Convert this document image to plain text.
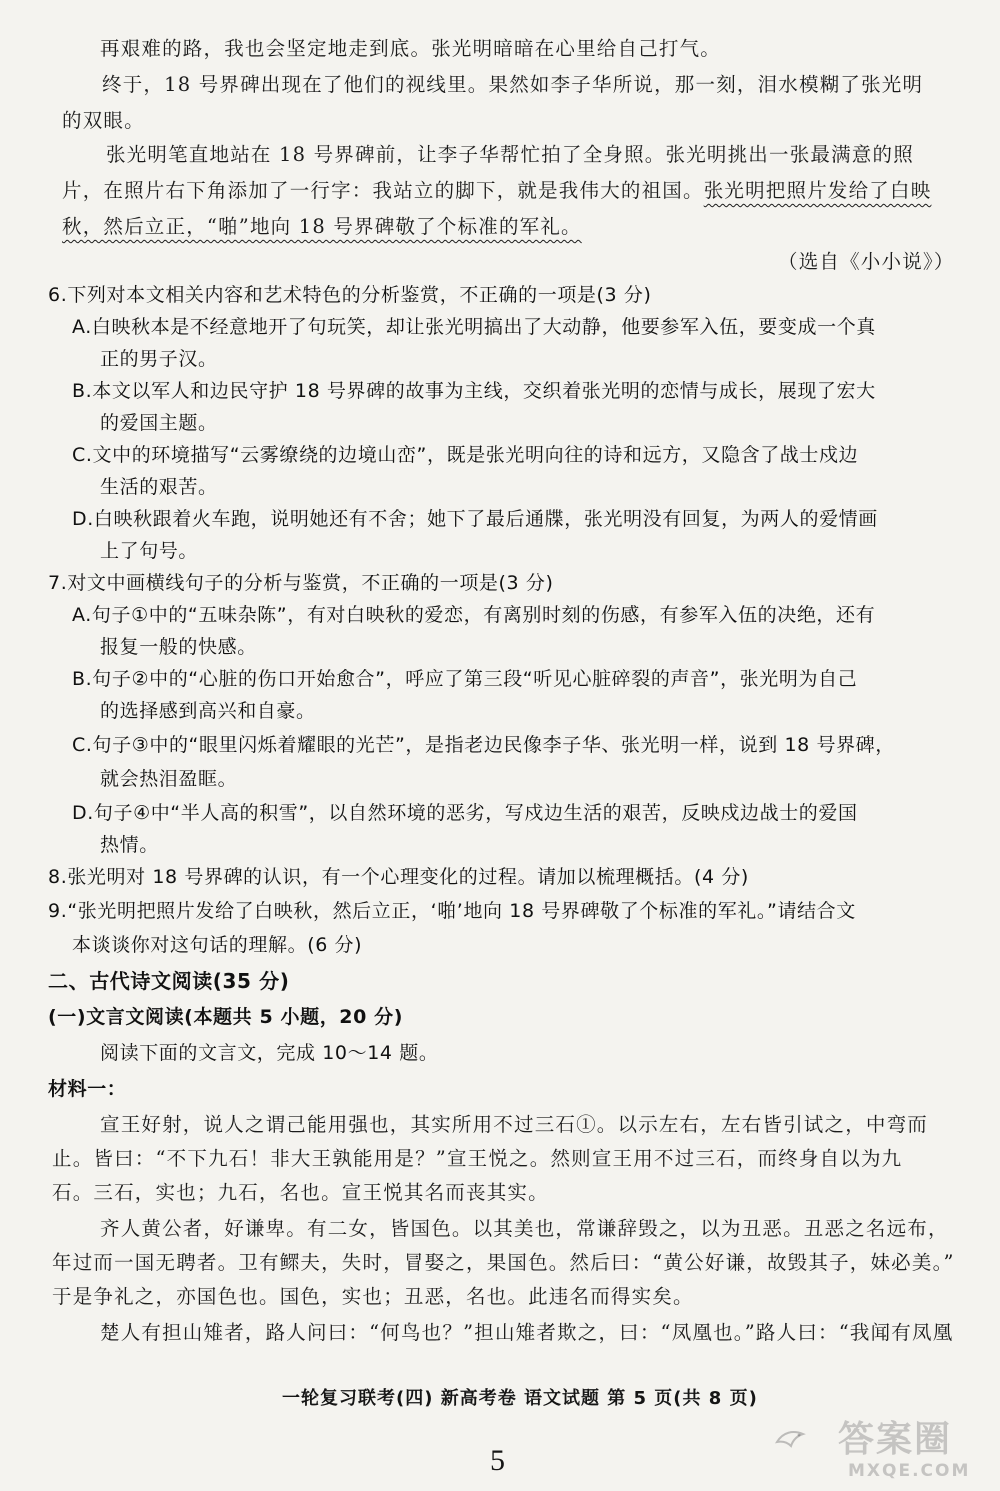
再艰难的路，我也会坚定地走到底。张光明暗暗在心里给自己打气。
终于，18 号界碑出现在了他们的视线里。果然如李子华所说，那一刻，泪水模糊了张光明
的双眼。
张光明笔直地站在 18 号界碑前，让李子华帮忙拍了全身照。张光明挑出一张最满意的照
片，在照片右下角添加了一行字：我站立的脚下，就是我伟大的祖国。张光明把照片发给了白映
秋，然后立正，“啪”地向 18 号界碑敬了个标准的军礼。
（选自《小小说》）
6.下列对本文相关内容和艺术特色的分析鉴赏，不正确的一项是(3 分)
A.白映秋本是不经意地开了句玩笑，却让张光明搞出了大动静，他要参军入伍，要变成一个真
正的男子汉。
B.本文以军人和边民守护 18 号界碑的故事为主线，交织着张光明的恋情与成长，展现了宏大
的爱国主题。
C.文中的环境描写“云雾缭绕的边境山峦”，既是张光明向往的诗和远方，又隐含了战士戍边
生活的艰苦。
D.白映秋跟着火车跑，说明她还有不舍；她下了最后通牒，张光明没有回复，为两人的爱情画
上了句号。
7.对文中画横线句子的分析与鉴赏，不正确的一项是(3 分)
A.句子①中的“五味杂陈”，有对白映秋的爱恋，有离别时刻的伤感，有参军入伍的决绝，还有
报复一般的快感。
B.句子②中的“心脏的伤口开始愈合”，呼应了第三段“听见心脏碎裂的声音”，张光明为自己
的选择感到高兴和自豪。
C.句子③中的“眼里闪烁着耀眼的光芒”，是指老边民像李子华、张光明一样，说到 18 号界碑，
就会热泪盈眶。
D.句子④中“半人高的积雪”，以自然环境的恶劣，写戍边生活的艰苦，反映戍边战士的爱国
热情。
8.张光明对 18 号界碑的认识，有一个心理变化的过程。请加以梳理概括。(4 分)
9.“张光明把照片发给了白映秋，然后立正，‘啪’地向 18 号界碑敬了个标准的军礼。”请结合文
本谈谈你对这句话的理解。(6 分)
二、古代诗文阅读(35 分)
(一)文言文阅读(本题共 5 小题，20 分)
阅读下面的文言文，完成 10～14 题。
材料一：
宣王好射，说人之谓己能用强也，其实所用不过三石①。以示左右，左右皆引试之，中弯而
止。皆曰：“不下九石！非大王孰能用是？”宣王悦之。然则宣王用不过三石，而终身自以为九
石。三石，实也；九石，名也。宣王悦其名而丧其实。
齐人黄公者，好谦卑。有二女，皆国色。以其美也，常谦辞毁之，以为丑恶。丑恶之名远布，
年过而一国无聘者。卫有鳏夫，失时，冒娶之，果国色。然后曰：“黄公好谦，故毁其子，妹必美。”
于是争礼之，亦国色也。国色，实也；丑恶，名也。此违名而得实矣。
楚人有担山雉者，路人问曰：“何鸟也？”担山雉者欺之，曰：“凤凰也。”路人曰：“我闻有凤凰
一轮复习联考(四) 新高考卷 语文试题 第 5 页(共 8 页)
5
答案圈
MXQE.COM
